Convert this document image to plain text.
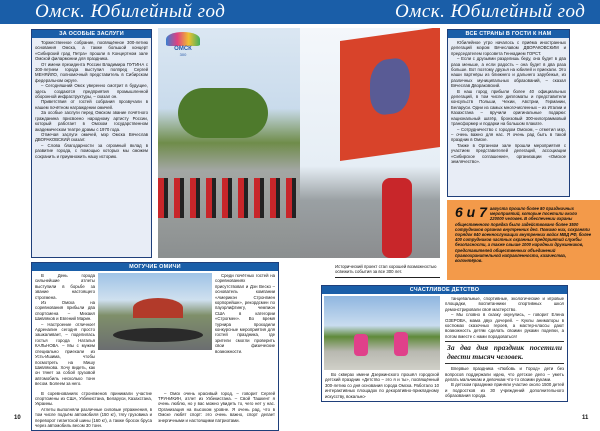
Омск. Юбилейный год	Омск. Юбилейный год
ЗА ОСОБЫЕ ЗАСЛУГИ

Торжественное собрание, посвящённое 300-летию основания Омска, а также большой концерт «Сибирский град Петра» прошли в Концертном зале Омской филармонии для праздника.

От имени президента России Владимира ПУТИНА с 300-летием города выступил полпред Сергей МЕНЯЙЛО, полномочный представитель в Сибирском федеральном округе.

– Сегодняшний Омск уверенно смотрит в будущее, здесь создаются предприятия промышленной оборонной инфраструктуры, – сказал он.

Приветствия от гостей собрания прозвучали в нашем почётном награждении омичей.

За особые заслуги перед Омском звание почётного гражданина присвоено народному артисту России, который работает в Омском государственном академическом театре драмы с 1970 года.

Отмечая заслуги омичей, мэр Омска Вячеслав ДВОРАКОВСКИЙ сказал:

– Слова благодарности за огромный вклад в развитие города, с помощью которых мы сможем сохранить и приумножить нашу историю.

ОМСК
300
Исторический проект стал хорошей возможностью освежить события за все 300 лет.
ВСЕ СТРАНЫ В ГОСТИ К НАМ

Юбилейное утро началось с приёма иностранных делегаций мэром Вячеславом ДВОРАКОВСКИМ и председателем горсовета Геннадием ГОРСТ.

– Если с друзьями разделишь беду, она будет в два раза меньше, а если радость – она будет в два раза больше. Вот поэтому друзья на юбилей и приехали. Это наши партнёры из ближнего и дальнего зарубежья, из различных муниципальных образований, – сказал Вячеслав Двораковский.

В наш город прибыли более 40 официальных делегаций, в том числе дипломаты и представители консульств Польши, Чехии, Австрии, Германии, Беларуси. Одни из самых многочисленных – из Италии и Казахстана – вручили оригинальные подарки: национальный шатёр, бронзовый 300-килограммовый трансформер и подарки на большом плакате.

– Сотрудничество с городом Омском, – отметил мэр, – очень важно для нас. Я очень рад быть в такой праздник в Омске.

Также в Органном зале прошли мероприятия с участием представителей делегаций, ассоциации «Сибирское соглашение», организации «Омское землячество».

6 и 7 августа прошло более 80 праздничных мероприятий, которые посетили около 220000 человек. В обеспечении охраны общественного порядка было задействовано более 3500 сотрудников органов внутренних дел. Помимо них, сохраняли порядок 640 военнослужащих внутренних войск МВД РФ, более 400 сотрудников частных охранных предприятий службы безопасности, а также свыше 1000 народных дружинников, представителей общественных объединений правоохранительной направленности, казачества, волонтёров.
МОГУЧИЕ ОМИЧИ

В День города сильнейшие атлеты выступили в борьбе за звание настоящего строгмена.

Из Омска на соревнования прибыли два спортсмена – Михаил Шивляков и Евгений Марин.

– Настроение отличное! Адреналин сегодня просто зашкаливает, – поделилась гостья города Наталья КАЛЬНОВА. – Мы с мужем специально приехали из Усть-Ишима, чтобы посмотреть на Мишу Шивлякова. Хочу видеть, как он тянет за собой грузовой автомобиль несколько тонн весом. Болеем за него.

Среди почётных гостей на соревнованиях присутствовал и Дэн Веско – основатель компании «Америкэн Стронгмен корпорейшн», рекордсмен по пауэрлифтингу, чемпион США в категории «Строгмен». Во время турнира проходили конкурсные мероприятия для гостей праздника, где зрители смогли проверить свои физические возможности.

В соревнованиях стронгменов принимали участие спортсмены из США, Узбекистана, Беларуси, Казахстана, Украины.

Атлеты выполняли различные силовые упражнения, в том числе подъём автомобиля (150 кг), тягу грузовика и переворот гигантской шины (160 кг), а также бросок бруса через автомобиль весом 30 тонн.

– Омск очень красивый город, – говорит Сергей ТРУНИКИН, атлет из Узбекистана. – Свой Ташкент я очень люблю, но у вас можно увидеть то, чего нет у нас. Организация на высоком уровне. Я очень рад, что в Омске любят спорт: это очень важно, спорт делает энергичными и настоящими патриотами.

СЧАСТЛИВОЕ ДЕТСТВО
Во скверах имени Дзержинского прошёл городской детский праздник «Детство – это я и ты», посвящённый 300-летию со дня основания города Омска. Работало 10 интерактивных площадок по декоративно-прикладному искусству, вокально-

танцевальные, спортивные, экологические и игровые площадки, воспитанники спортивных школ демонстрировали своё мастерство.

– Мы словно в сказку окунулись, – говорит Елена ОЗЕРОВА, мама двух дочерей. – Куклы аниматоры в костюмах сказочных героев, а мастер-классы дают возможность детям сделать своими руками поделки, а потом вместе с нами порадоваться!

За два дня праздник посетили двести тысяч человек.

Впервые праздника «Любовь и Город» дети без вопросов поддержали идею, что детское дело – уметь делать мальчикам и девочкам что-то своими руками.

В детском празднике приняли участие около 1500 детей и подростков из 30 учреждений дополнительного образования города.

10	11
